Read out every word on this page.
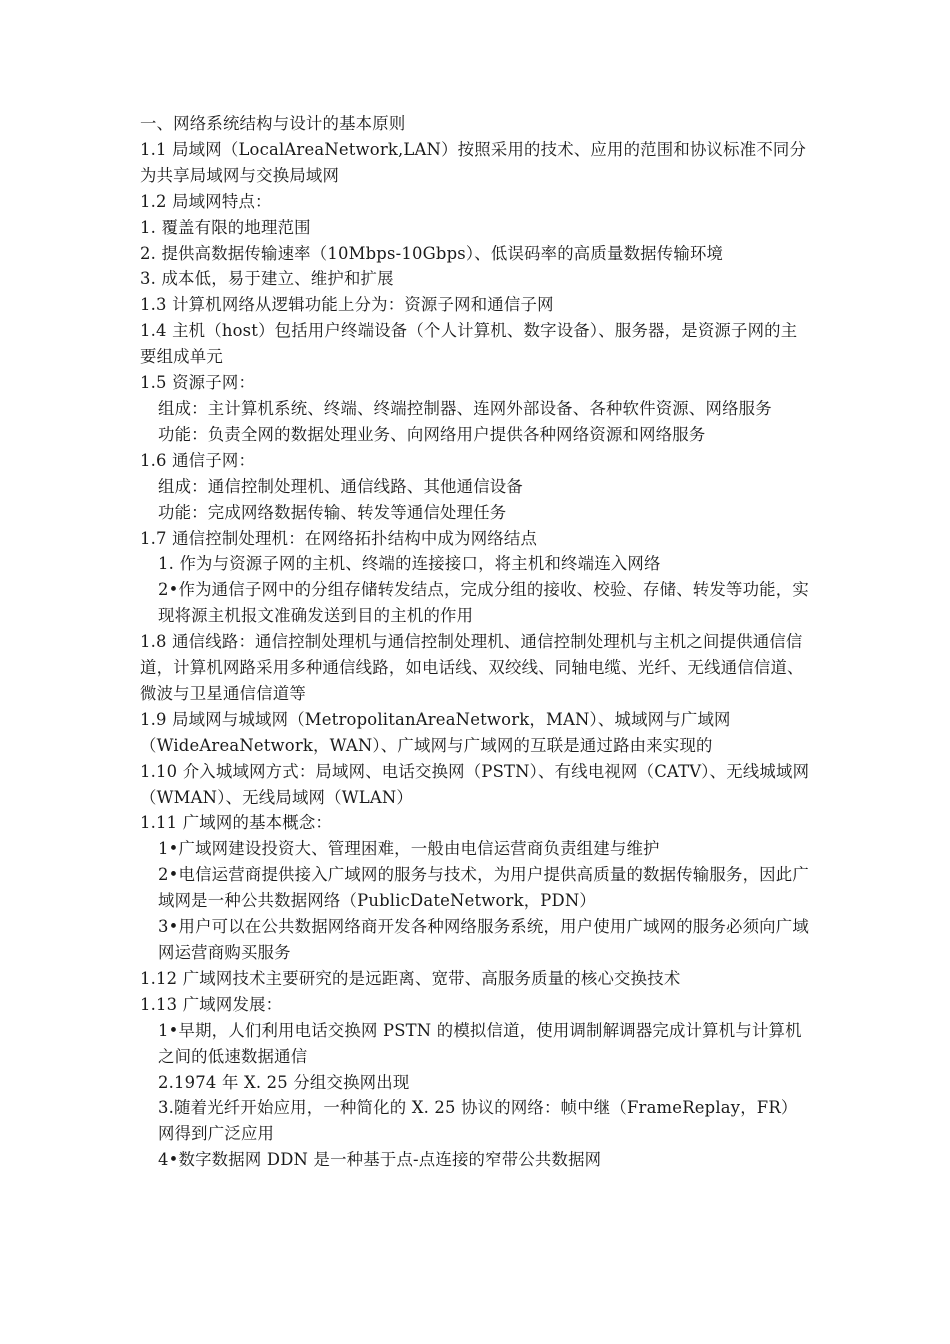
一、网络系统结构与设计的基本原则

1.1 局域网（LocalAreaNetwork,LAN）按照采用的技术、应用的范围和协议标准不同分为共享局域网与交换局域网

1.2 局域网特点：

1. 覆盖有限的地理范围

2. 提供高数据传输速率（10Mbps-10Gbps）、低误码率的高质量数据传输环境

3. 成本低，易于建立、维护和扩展

1.3 计算机网络从逻辑功能上分为：资源子网和通信子网

1.4 主机（host）包括用户终端设备（个人计算机、数字设备）、服务器，是资源子网的主要组成单元

1.5 资源子网：

组成：主计算机系统、终端、终端控制器、连网外部设备、各种软件资源、网络服务

功能：负责全网的数据处理业务、向网络用户提供各种网络资源和网络服务

1.6 通信子网：

组成：通信控制处理机、通信线路、其他通信设备

功能：完成网络数据传输、转发等通信处理任务

1.7 通信控制处理机：在网络拓扑结构中成为网络结点

1. 作为与资源子网的主机、终端的连接接口，将主机和终端连入网络

2•作为通信子网中的分组存储转发结点，完成分组的接收、校验、存储、转发等功能，实现将源主机报文准确发送到目的主机的作用

1.8 通信线路：通信控制处理机与通信控制处理机、通信控制处理机与主机之间提供通信信道，计算机网路采用多种通信线路，如电话线、双绞线、同轴电缆、光纤、无线通信信道、微波与卫星通信信道等

1.9 局域网与城域网（MetropolitanAreaNetwork，MAN）、城域网与广域网（WideAreaNetwork，WAN）、广域网与广域网的互联是通过路由来实现的

1.10 介入城域网方式：局域网、电话交换网（PSTN）、有线电视网（CATV）、无线城域网（WMAN）、无线局域网（WLAN）

1.11 广域网的基本概念：

1•广域网建设投资大、管理困难，一般由电信运营商负责组建与维护

2•电信运营商提供接入广域网的服务与技术，为用户提供高质量的数据传输服务，因此广域网是一种公共数据网络（PublicDateNetwork，PDN）

3•用户可以在公共数据网络商开发各种网络服务系统，用户使用广域网的服务必须向广域网运营商购买服务

1.12 广域网技术主要研究的是远距离、宽带、高服务质量的核心交换技术

1.13 广域网发展：

1•早期，人们利用电话交换网 PSTN 的模拟信道，使用调制解调器完成计算机与计算机之间的低速数据通信

2.1974 年 X. 25 分组交换网出现

3.随着光纤开始应用，一种简化的 X. 25 协议的网络：帧中继（FrameReplay，FR）网得到广泛应用

4•数字数据网 DDN 是一种基于点-点连接的窄带公共数据网
